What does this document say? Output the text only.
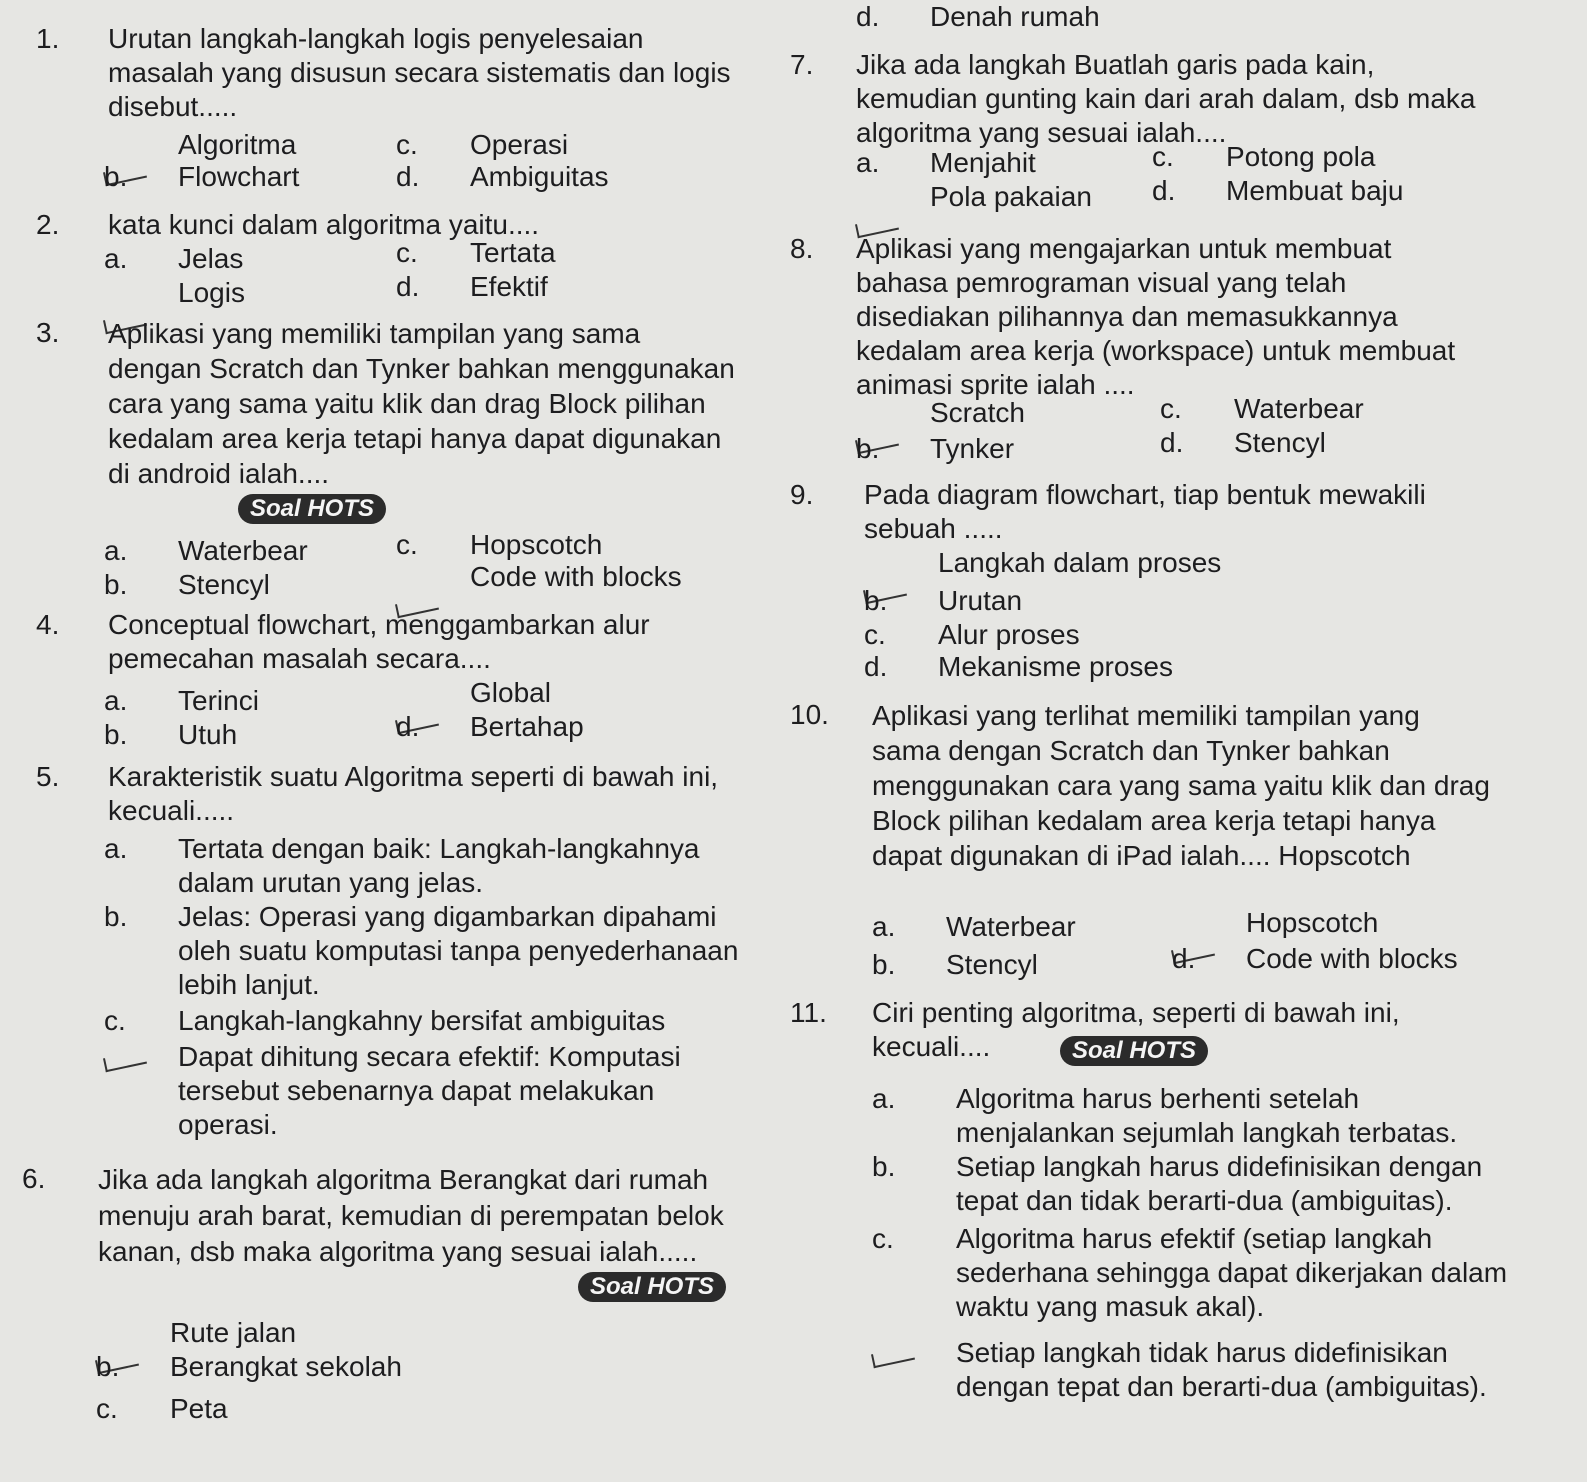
1. Urutan langkah-langkah logis penyelesaian masalah yang disusun secara sistematis dan logis disebut.....
Algoritma
b. Flowchart
c. Operasi
d. Ambiguitas
2. kata kunci dalam algoritma yaitu....
a. Jelas
Logis
c. Tertata
d. Efektif
3. Aplikasi yang memiliki tampilan yang sama dengan Scratch dan Tynker bahkan menggunakan cara yang sama yaitu klik dan drag Block pilihan kedalam area kerja tetapi hanya dapat digunakan di android ialah....
Soal HOTS
a. Waterbear
b. Stencyl
c. Hopscotch
Code with blocks
4. Conceptual flowchart, menggambarkan alur pemecahan masalah secara....
a. Terinci
b. Utuh
Global
d. Bertahap
5. Karakteristik suatu Algoritma seperti di bawah ini, kecuali.....
a. Tertata dengan baik: Langkah-langkahnya dalam urutan yang jelas.
b. Jelas: Operasi yang digambarkan dipahami oleh suatu komputasi tanpa penyederhanaan lebih lanjut.
c. Langkah-langkahny bersifat ambiguitas
Dapat dihitung secara efektif: Komputasi tersebut sebenarnya dapat melakukan operasi.
6. Jika ada langkah algoritma Berangkat dari rumah menuju arah barat, kemudian di perempatan belok kanan, dsb maka algoritma yang sesuai ialah.....
Soal HOTS
Rute jalan
b. Berangkat sekolah
c. Peta
d. Denah rumah
7. Jika ada langkah Buatlah garis pada kain, kemudian gunting kain dari arah dalam, dsb maka algoritma yang sesuai ialah....
a. Menjahit
Pola pakaian
c. Potong pola
d. Membuat baju
8. Aplikasi yang mengajarkan untuk membuat bahasa pemrograman visual yang telah disediakan pilihannya dan memasukkannya kedalam area kerja (workspace) untuk membuat animasi sprite ialah ....
Scratch
b. Tynker
c. Waterbear
d. Stencyl
9. Pada diagram flowchart, tiap bentuk mewakili sebuah .....
Langkah dalam proses
b. Urutan
c. Alur proses
d. Mekanisme proses
10. Aplikasi yang terlihat memiliki tampilan yang sama dengan Scratch dan Tynker bahkan menggunakan cara yang sama yaitu klik dan drag Block pilihan kedalam area kerja tetapi hanya dapat digunakan di iPad ialah.... Hopscotch
a. Waterbear
b. Stencyl
Hopscotch
d. Code with blocks
11. Ciri penting algoritma, seperti di bawah ini, kecuali....	Soal HOTS
a. Algoritma harus berhenti setelah menjalankan sejumlah langkah terbatas.
b. Setiap langkah harus didefinisikan dengan tepat dan tidak berarti-dua (ambiguitas).
c. Algoritma harus efektif (setiap langkah sederhana sehingga dapat dikerjakan dalam waktu yang masuk akal).
Setiap langkah tidak harus didefinisikan dengan tepat dan berarti-dua (ambiguitas).
